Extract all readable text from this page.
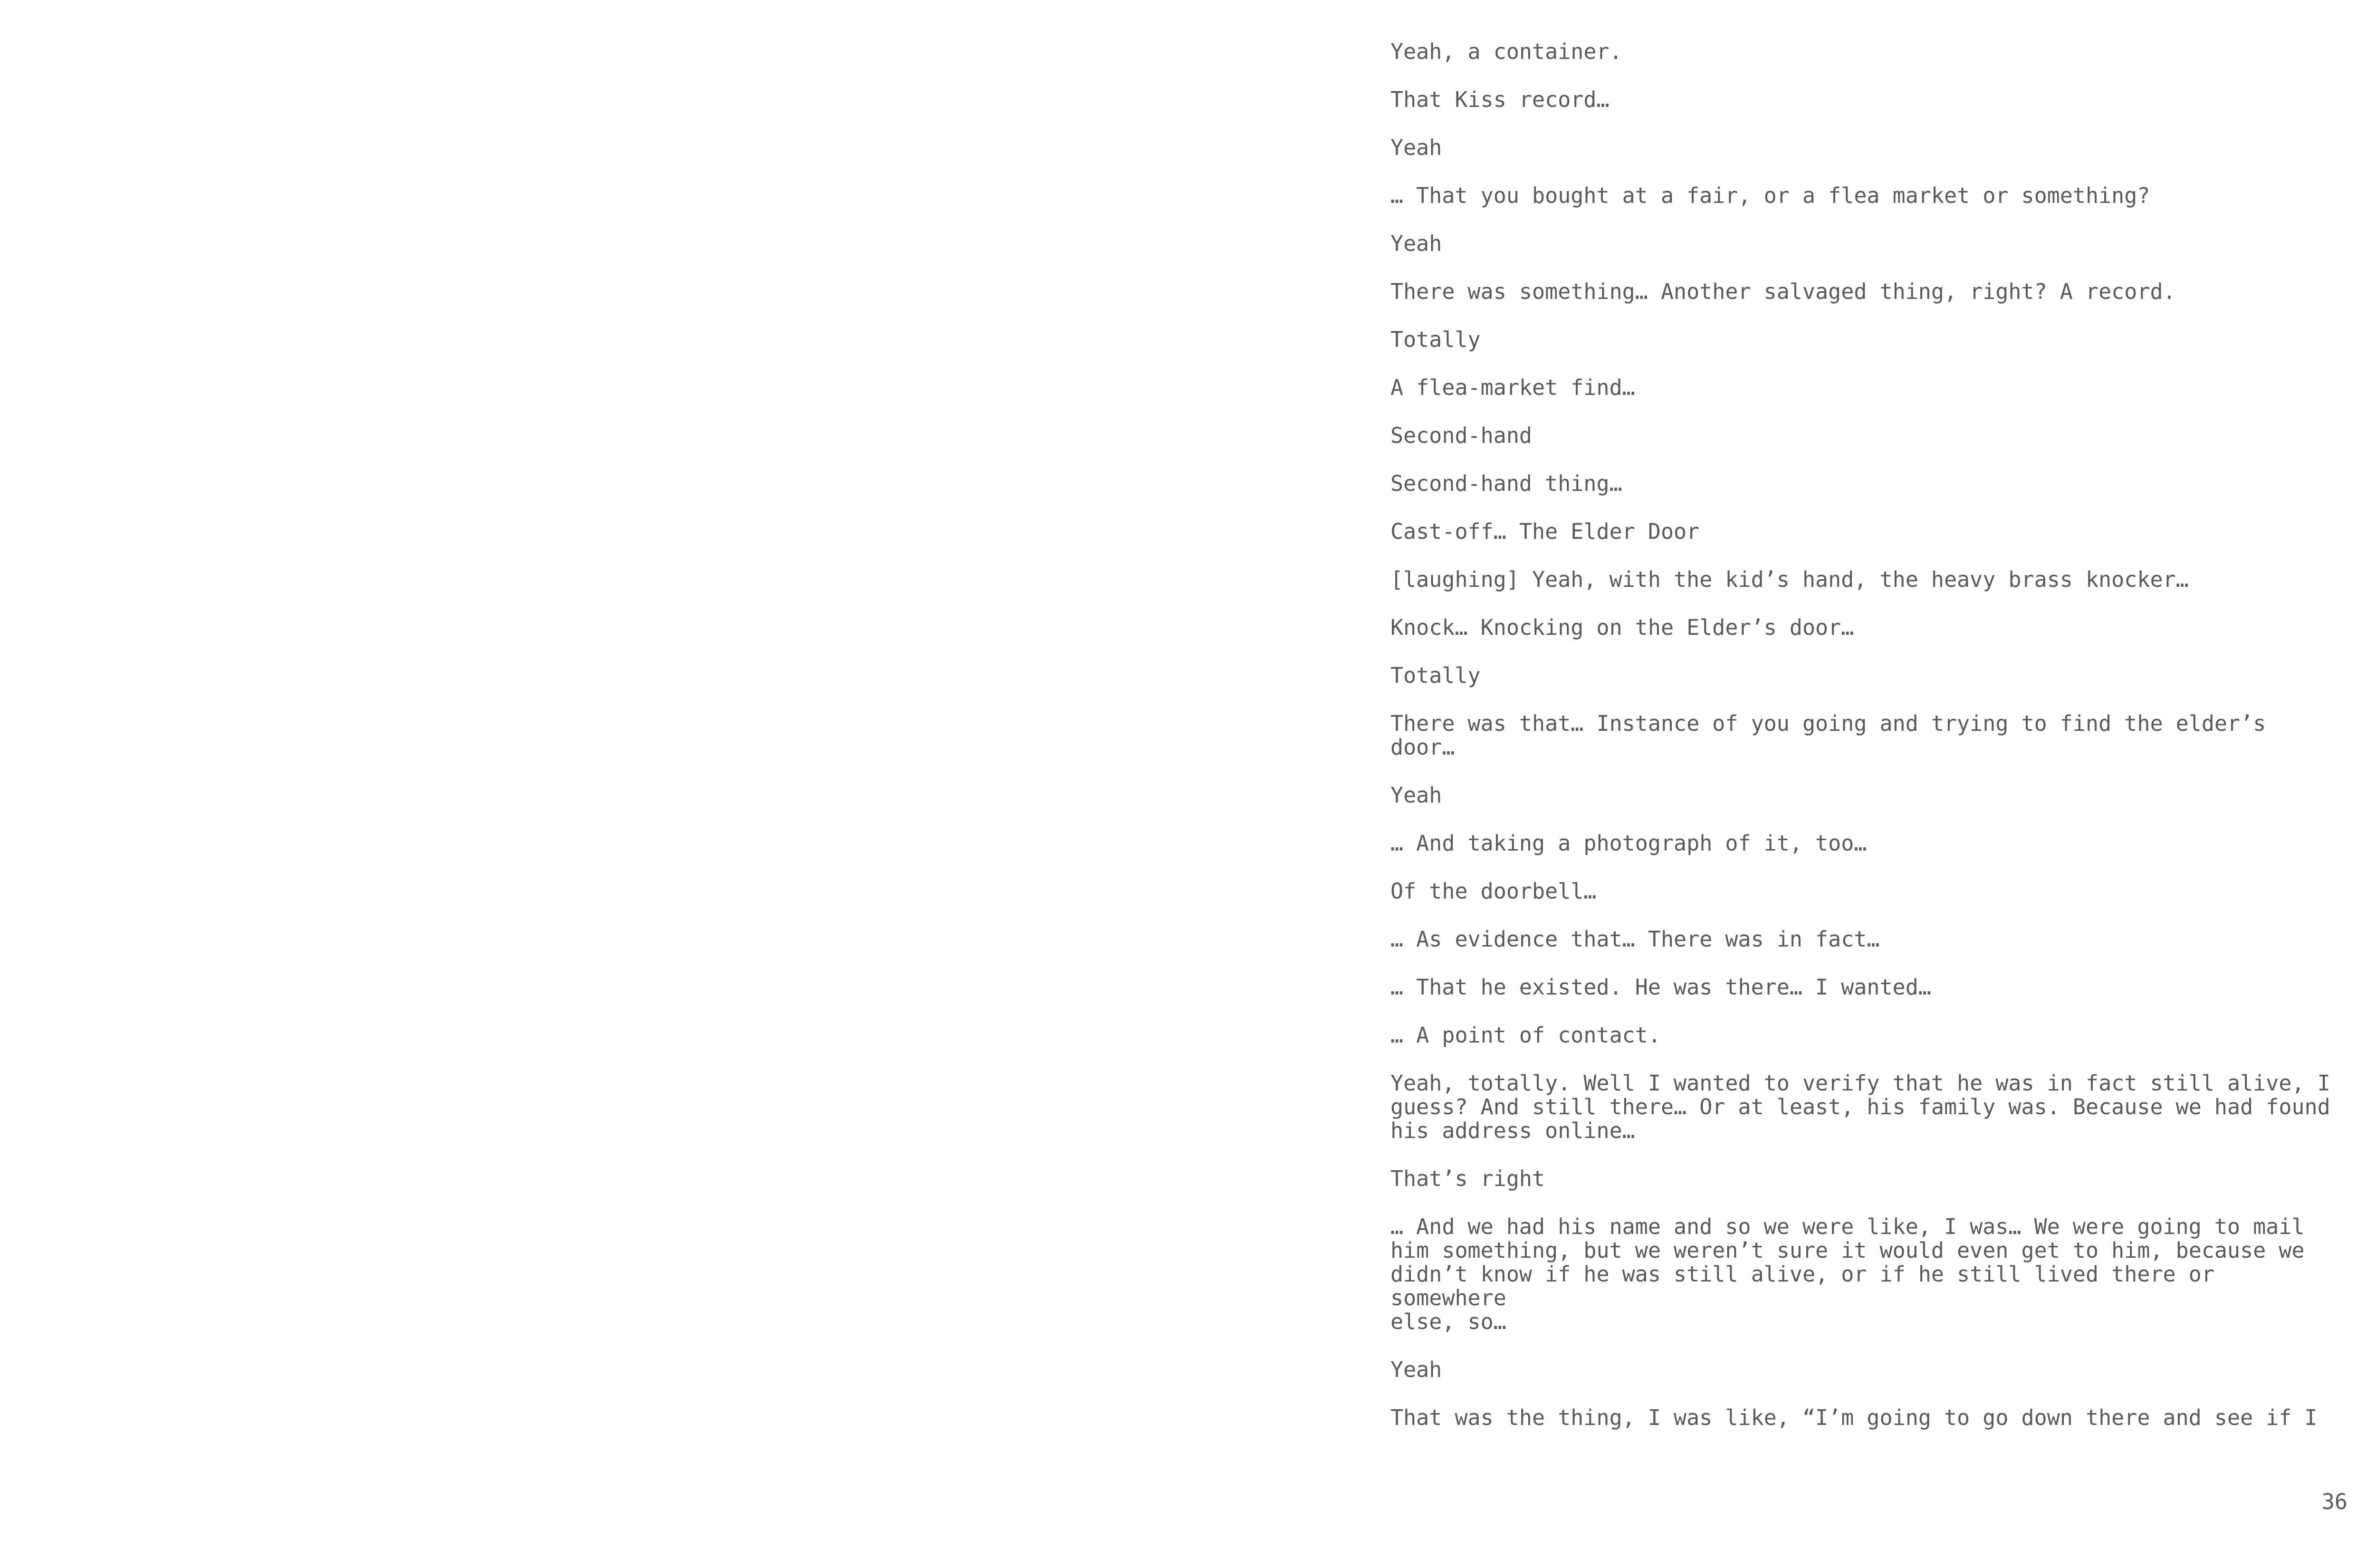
Yeah, a container.

That Kiss record…

Yeah

… That you bought at a fair, or a flea market or something?

Yeah

There was something… Another salvaged thing, right? A record.

Totally

A flea-market find…

Second-hand

Second-hand thing…

Cast-off… The Elder Door

[laughing] Yeah, with the kid’s hand, the heavy brass knocker…

Knock… Knocking on the Elder’s door…

Totally

There was that… Instance of you going and trying to find the elder’s door…

Yeah

… And taking a photograph of it, too…

Of the doorbell…

… As evidence that… There was in fact…

… That he existed. He was there… I wanted…

… A point of contact.

Yeah, totally. Well I wanted to verify that he was in fact still alive, I
guess? And still there… Or at least, his family was. Because we had found
his address online…

That’s right

… And we had his name and so we were like, I was… We were going to mail
him something, but we weren’t sure it would even get to him, because we
didn’t know if he was still alive, or if he still lived there or somewhere
else, so…

Yeah

That was the thing, I was like, “I’m going to go down there and see if I

36
